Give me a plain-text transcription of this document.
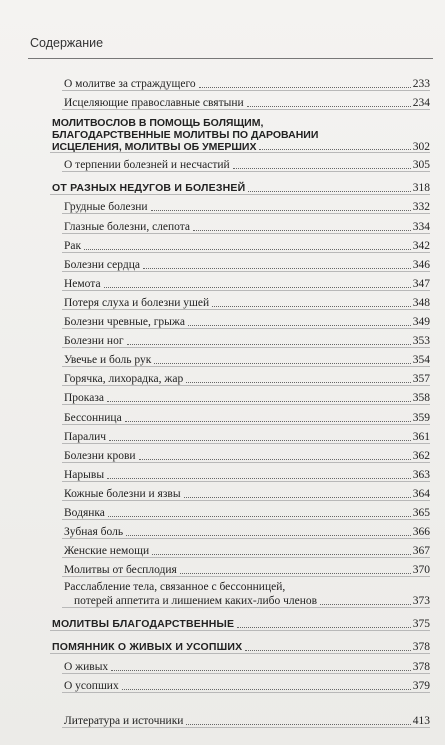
Содержание
О молитве за страждущего	233
Исцеляющие православные святыни	234
МОЛИТВОСЛОВ В ПОМОЩЬ БОЛЯЩИМ,
БЛАГОДАРСТВЕННЫЕ МОЛИТВЫ ПО ДАРОВАНИИ
ИСЦЕЛЕНИЯ, МОЛИТВЫ ОБ УМЕРШИХ	302
О терпении болезней и несчастий	305
ОТ РАЗНЫХ НЕДУГОВ И БОЛЕЗНЕЙ	318
Грудные болезни	332
Глазные болезни, слепота	334
Рак	342
Болезни сердца	346
Немота	347
Потеря слуха и болезни ушей	348
Болезни чревные, грыжа	349
Болезни ног	353
Увечье и боль рук	354
Горячка, лихорадка, жар	357
Проказа	358
Бессонница	359
Паралич	361
Болезни крови	362
Нарывы	363
Кожные болезни и язвы	364
Водянка	365
Зубная боль	366
Женские немощи	367
Молитвы от бесплодия	370
Расслабление тела, связанное с бессонницей,
потерей аппетита и лишением каких-либо членов	373
МОЛИТВЫ БЛАГОДАРСТВЕННЫЕ	375
ПОМЯННИК О ЖИВЫХ И УСОПШИХ	378
О живых	378
О усопших	379
Литература и источники	413
